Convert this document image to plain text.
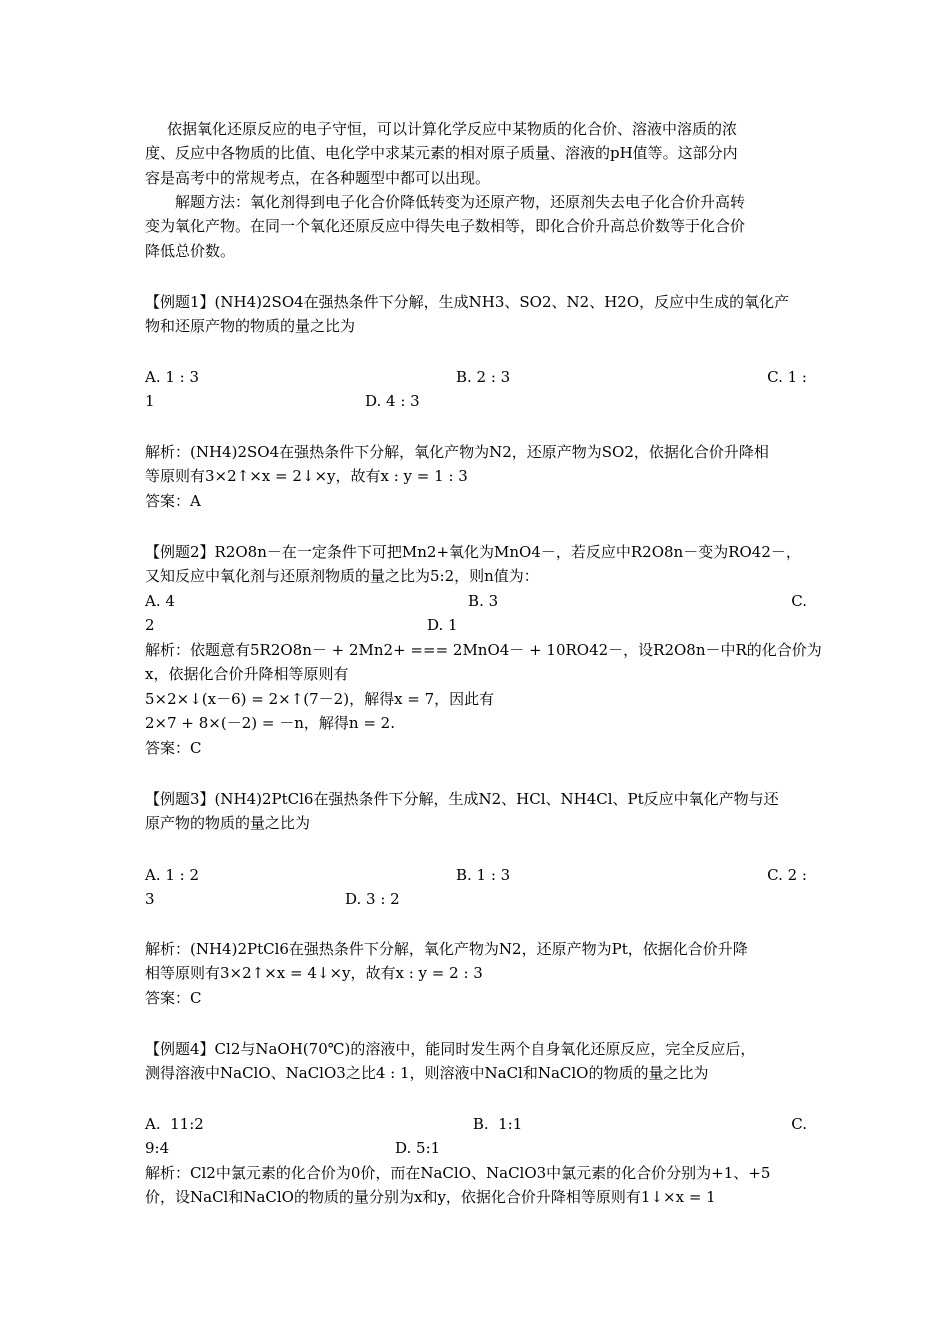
依据氧化还原反应的电子守恒，可以计算化学反应中某物质的化合价、溶液中溶质的浓
度、反应中各物质的比值、电化学中求某元素的相对原子质量、溶液的pH值等。这部分内
容是高考中的常规考点，在各种题型中都可以出现。
解题方法：氧化剂得到电子化合价降低转变为还原产物，还原剂失去电子化合价升高转
变为氧化产物。在同一个氧化还原反应中得失电子数相等，即化合价升高总价数等于化合价
降低总价数。
【例题1】(NH4)2SO4在强热条件下分解，生成NH3、SO2、N2、H2O，反应中生成的氧化产
物和还原产物的物质的量之比为
A. 1 : 3	B. 2 : 3	C. 1 :
1	D. 4 : 3
解析：(NH4)2SO4在强热条件下分解，氧化产物为N2，还原产物为SO2，依据化合价升降相
等原则有3×2↑×x = 2↓×y，故有x : y = 1 : 3
答案：A
【例题2】R2O8n－在一定条件下可把Mn2+氧化为MnO4－，若反应中R2O8n－变为RO42－，
又知反应中氧化剂与还原剂物质的量之比为5:2，则n值为：
A. 4	B. 3	C.
2	D. 1
解析：依题意有5R2O8n－ + 2Mn2+ === 2MnO4－ + 10RO42－，设R2O8n－中R的化合价为
x，依据化合价升降相等原则有
5×2×↓(x－6) = 2×↑(7－2)，解得x = 7，因此有
2×7 + 8×(－2) = －n，解得n = 2.
答案：C
【例题3】(NH4)2PtCl6在强热条件下分解，生成N2、HCl、NH4Cl、Pt反应中氧化产物与还
原产物的物质的量之比为
A. 1 : 2	B. 1 : 3	C. 2 :
3	D. 3 : 2
解析：(NH4)2PtCl6在强热条件下分解，氧化产物为N2，还原产物为Pt，依据化合价升降
相等原则有3×2↑×x = 4↓×y，故有x : y = 2 : 3
答案：C
【例题4】Cl2与NaOH(70℃)的溶液中，能同时发生两个自身氧化还原反应，完全反应后，
测得溶液中NaClO、NaClO3之比4 : 1，则溶液中NaCl和NaClO的物质的量之比为
A.  11:2	B.  1:1	C.
9:4	D. 5:1
解析：Cl2中氯元素的化合价为0价，而在NaClO、NaClO3中氯元素的化合价分别为+1、+5
价，设NaCl和NaClO的物质的量分别为x和y，依据化合价升降相等原则有1↓×x = 1
